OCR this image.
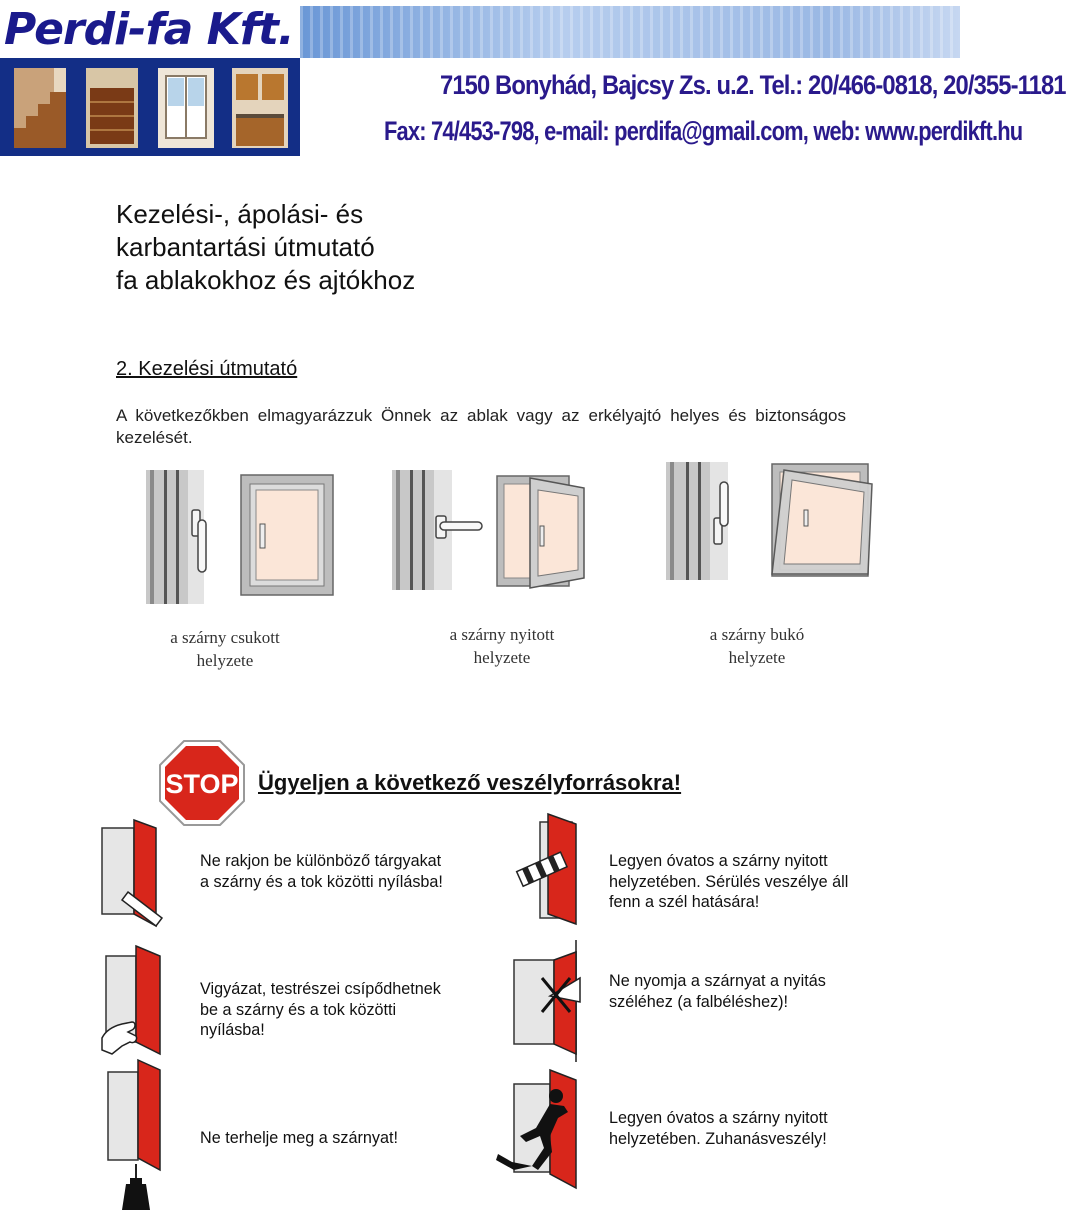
Perdi-fa Kft.
7150 Bonyhád, Bajcsy Zs. u.2. Tel.: 20/466-0818, 20/355-1181
Fax: 74/453-798, e-mail: perdifa@gmail.com, web: www.perdikft.hu
Kezelési-, ápolási- és
karbantartási útmutató
fa ablakokhoz és ajtókhoz
2. Kezelési útmutató
A következőkben elmagyarázzuk Önnek az ablak vagy az erkélyajtó helyes és biztonságos kezelését.
a szárny csukott
helyzete
a szárny nyitott
helyzete
a szárny bukó
helyzete
STOP Ügyeljen a következő veszélyforrásokra!
Ne rakjon be különböző tárgyakat
a szárny és a tok közötti nyílásba!
Legyen óvatos a szárny nyitott
helyzetében. Sérülés veszélye áll
fenn a szél hatására!
Vigyázat, testrészei csípődhetnek
be a szárny és a tok közötti
nyílásba!
Ne nyomja a szárnyat a nyitás
széléhez (a falbéléshez)!
Ne terhelje meg a szárnyat!
Legyen óvatos a szárny nyitott
helyzetében. Zuhanásveszély!
